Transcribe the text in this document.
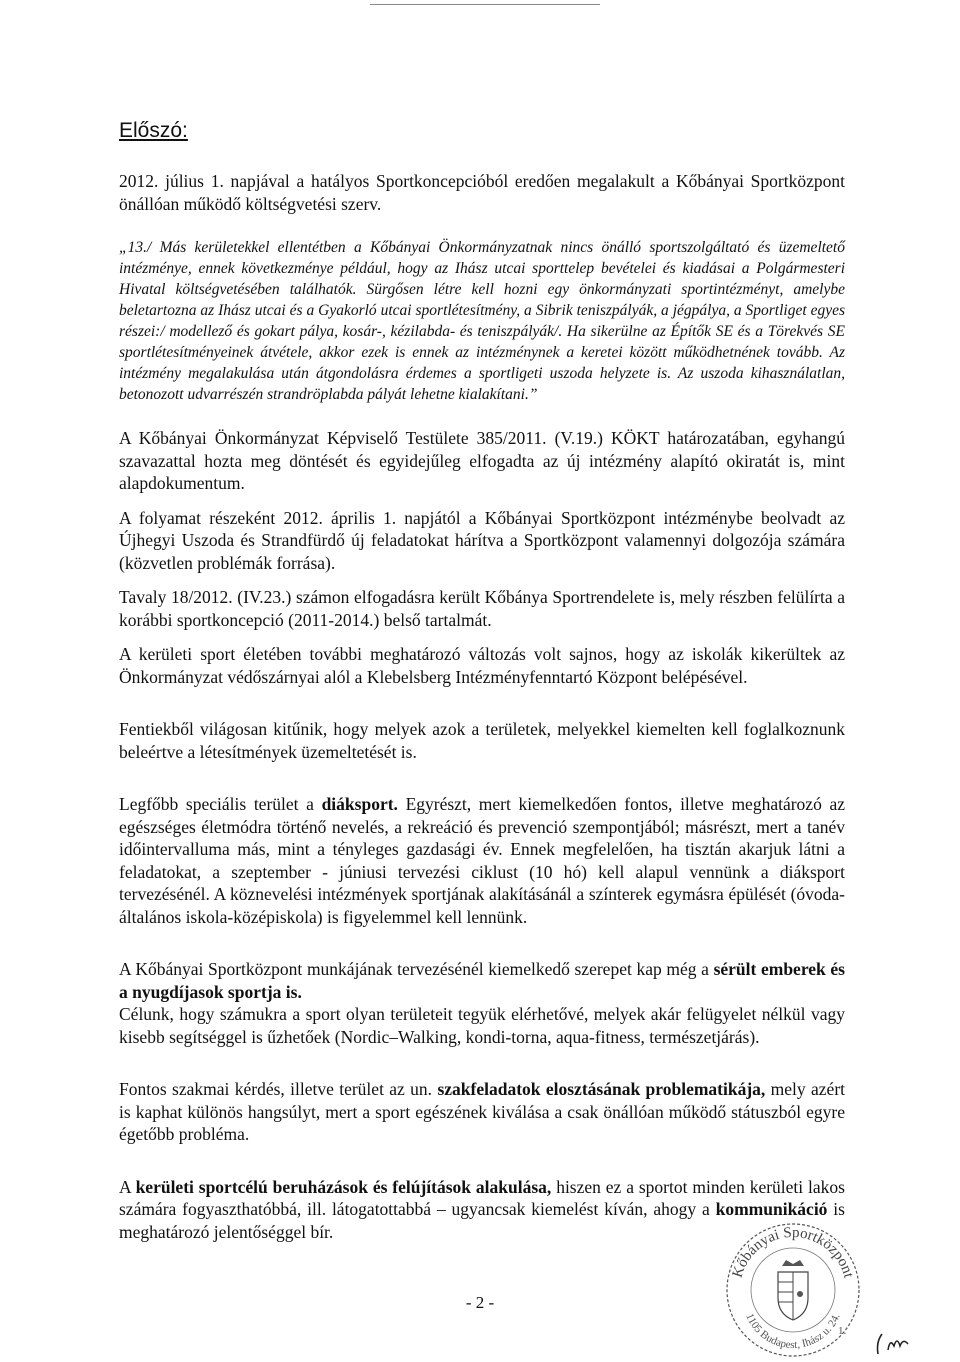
Előszó:

2012. július 1. napjával a hatályos Sportkoncepcióból eredően megalakult a Kőbányai Sportközpont önállóan működő költségvetési szerv.

„13./ Más kerületekkel ellentétben a Kőbányai Önkormányzatnak nincs önálló sportszolgáltató és üzemeltető intézménye, ennek következménye például, hogy az Ihász utcai sporttelep bevételei és kiadásai a Polgármesteri Hivatal költségvetésében találhatók. Sürgősen létre kell hozni egy önkormányzati sportintézményt, amelybe beletartozna az Ihász utcai és a Gyakorló utcai sportlétesítmény, a Sibrik teniszpályák, a jégpálya, a Sportliget egyes részei:/ modellező és gokart pálya, kosár-, kézilabda- és teniszpályák/. Ha sikerülne az Építők SE és a Törekvés SE sportlétesítményeinek átvétele, akkor ezek is ennek az intézménynek a keretei között működhetnének tovább. Az intézmény megalakulása után átgondolásra érdemes a sportligeti uszoda helyzete is. Az uszoda kihasználatlan, betonozott udvarrészén strandröplabda pályát lehetne kialakítani.”

A Kőbányai Önkormányzat Képviselő Testülete 385/2011. (V.19.) KÖKT határozatában, egyhangú szavazattal hozta meg döntését és egyidejűleg elfogadta az új intézmény alapító okiratát is, mint alapdokumentum.

A folyamat részeként 2012. április 1. napjától a Kőbányai Sportközpont intézménybe beolvadt az Újhegyi Uszoda és Strandfürdő új feladatokat hárítva a Sportközpont valamennyi dolgozója számára (közvetlen problémák forrása).

Tavaly 18/2012. (IV.23.) számon elfogadásra került Kőbánya Sportrendelete is, mely részben felülírta a korábbi sportkoncepció (2011-2014.) belső tartalmát.

A kerületi sport életében további meghatározó változás volt sajnos, hogy az iskolák kikerültek az Önkormányzat védőszárnyai alól a Klebelsberg Intézményfenntartó Központ belépésével.

Fentiekből világosan kitűnik, hogy melyek azok a területek, melyekkel kiemelten kell foglalkoznunk beleértve a létesítmények üzemeltetését is.

Legfőbb speciális terület a diáksport. Egyrészt, mert kiemelkedően fontos, illetve meghatározó az egészséges életmódra történő nevelés, a rekreáció és prevenció szempontjából; másrészt, mert a tanév időintervalluma más, mint a tényleges gazdasági év. Ennek megfelelően, ha tisztán akarjuk látni a feladatokat, a szeptember - júniusi tervezési ciklust (10 hó) kell alapul vennünk a diáksport tervezésénél. A köznevelési intézmények sportjának alakításánál a színterek egymásra épülését (óvoda-általános iskola-középiskola) is figyelemmel kell lennünk.

A Kőbányai Sportközpont munkájának tervezésénél kiemelkedő szerepet kap még a sérült emberek és a nyugdíjasok sportja is.

Célunk, hogy számukra a sport olyan területeit tegyük elérhetővé, melyek akár felügyelet nélkül vagy kisebb segítséggel is űzhetőek (Nordic–Walking, kondi-torna, aqua-fitness, természetjárás).

Fontos szakmai kérdés, illetve terület az un. szakfeladatok elosztásának problematikája, mely azért is kaphat különös hangsúlyt, mert a sport egészének kiválása a csak önállóan működő státuszból egyre égetőbb probléma.

A kerületi sportcélú beruházások és felújítások alakulása, hiszen ez a sportot minden kerületi lakos számára fogyaszthatóbbá, ill. látogatottabbá – ugyancsak kiemelést kíván, ahogy a kommunikáció is meghatározó jelentőséggel bír.

- 2 -
Kőbányai Sportközpont
1105 Budapest, Ihász u. 24.
1.
